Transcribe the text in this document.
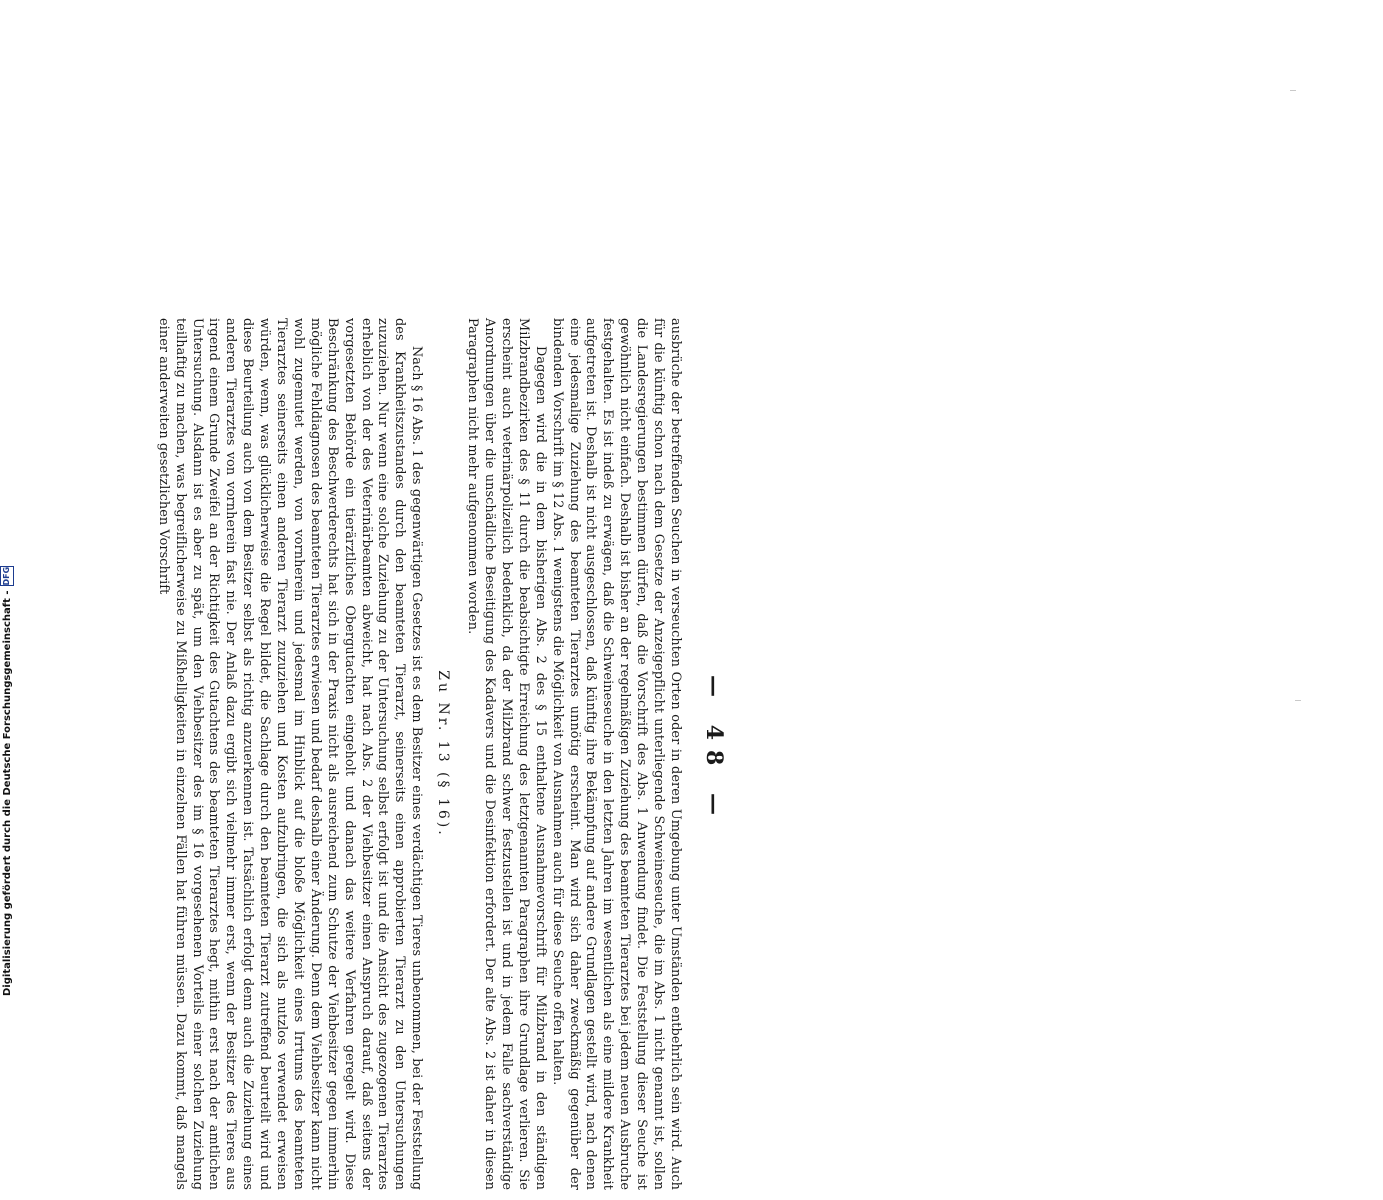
— 48 —

ausbrüche der betreffenden Seuchen in verseuchten Orten oder in deren Umgebung unter Umständen entbehrlich sein wird. Auch für die künftig schon nach dem Gesetze der Anzeigepflicht unterliegende Schweineseuche, die im Abs. 1 nicht genannt ist, sollen die Landesregierungen bestimmen dürfen, daß die Vorschrift des Abs. 1 Anwendung findet. Die Feststellung dieser Seuche ist gewöhnlich nicht einfach. Deshalb ist bisher an der regelmäßigen Zuziehung des beamteten Tierarztes bei jedem neuen Ausbruche festgehalten. Es ist indeß zu erwägen, daß die Schweineseuche in den letzten Jahren im wesentlichen als eine mildere Krankheit aufgetreten ist. Deshalb ist nicht ausgeschlossen, daß künftig ihre Bekämpfung auf andere Grundlagen gestellt wird, nach denen eine jedesmalige Zuziehung des beamteten Tierarztes unnötig erscheint. Man wird sich daher zweckmäßig gegenüber der bindenden Vorschrift im § 12 Abs. 1 wenigstens die Möglichkeit von Ausnahmen auch für diese Seuche offen halten.

Dagegen wird die in dem bisherigen Abs. 2 des § 15 enthaltene Ausnahmevorschrift für Milzbrand in den ständigen Milzbrandbezirken des § 11 durch die beabsichtigte Erreichung des letztgenannten Paragraphen ihre Grundlage verlieren. Sie erscheint auch veterinärpolizeilich bedenklich, da der Milzbrand schwer festzustellen ist und in jedem Falle sachverständige Anordnungen über die unschädliche Beseitigung des Kadavers und die Desinfektion erfordert. Der alte Abs. 2 ist daher in diesen Paragraphen nicht mehr aufgenommen worden.

Zu Nr. 13 (§ 16).

Nach § 16 Abs. 1 des gegenwärtigen Gesetzes ist es dem Besitzer eines verdächtigen Tieres unbenommen, bei der Feststellung des Krankheitszustandes durch den beamteten Tierarzt, seinerseits einen approbierten Tierarzt zu den Untersuchungen zuzuziehen. Nur wenn eine solche Zuziehung zu der Untersuchung selbst erfolgt ist und die Ansicht des zugezogenen Tierarztes erheblich von der des Veterinärbeamten abweicht, hat nach Abs. 2 der Viehbesitzer einen Anspruch darauf, daß seitens der vorgesetzten Behörde ein tierärztliches Obergutachten eingeholt und danach das weitere Verfahren geregelt wird. Diese Beschränkung des Beschwerderechts hat sich in der Praxis nicht als ausreichend zum Schutze der Viehbesitzer gegen immerhin mögliche Fehldiagnosen des beamteten Tierarztes erwiesen und bedarf deshalb einer Änderung. Denn dem Viehbesitzer kann nicht wohl zugemutet werden, von vornherein und jedesmal im Hinblick auf die bloße Möglichkeit eines Irrtums des beamteten Tierarztes seinerseits einen anderen Tierarzt zuzuziehen und Kosten aufzubringen, die sich als nutzlos verwendet erweisen würden, wenn, was glücklicherweise die Regel bildet, die Sachlage durch den beamteten Tierarzt zutreffend beurteilt wird und diese Beurteilung auch von dem Besitzer selbst als richtig anzuerkennen ist. Tatsächlich erfolgt denn auch die Zuziehung eines anderen Tierarztes von vornherein fast nie. Der Anlaß dazu ergibt sich vielmehr immer erst, wenn der Besitzer des Tieres aus irgend einem Grunde Zweifel an der Richtigkeit des Gutachtens des beamteten Tierarztes hegt, mithin erst nach der amtlichen Untersuchung. Alsdann ist es aber zu spät, um den Viehbesitzer des im § 16 vorgesehenen Vorteils einer solchen Zuziehung teilhaftig zu machen, was begreiflicherweise zu Mißhelligkeiten in einzelnen Fällen hat führen müssen. Dazu kommt, daß mangels einer anderweiten gesetzlichen Vorschrift

Digitalisierung gefördert durch die Deutsche Forschungsgemeinschaft -
DFG
